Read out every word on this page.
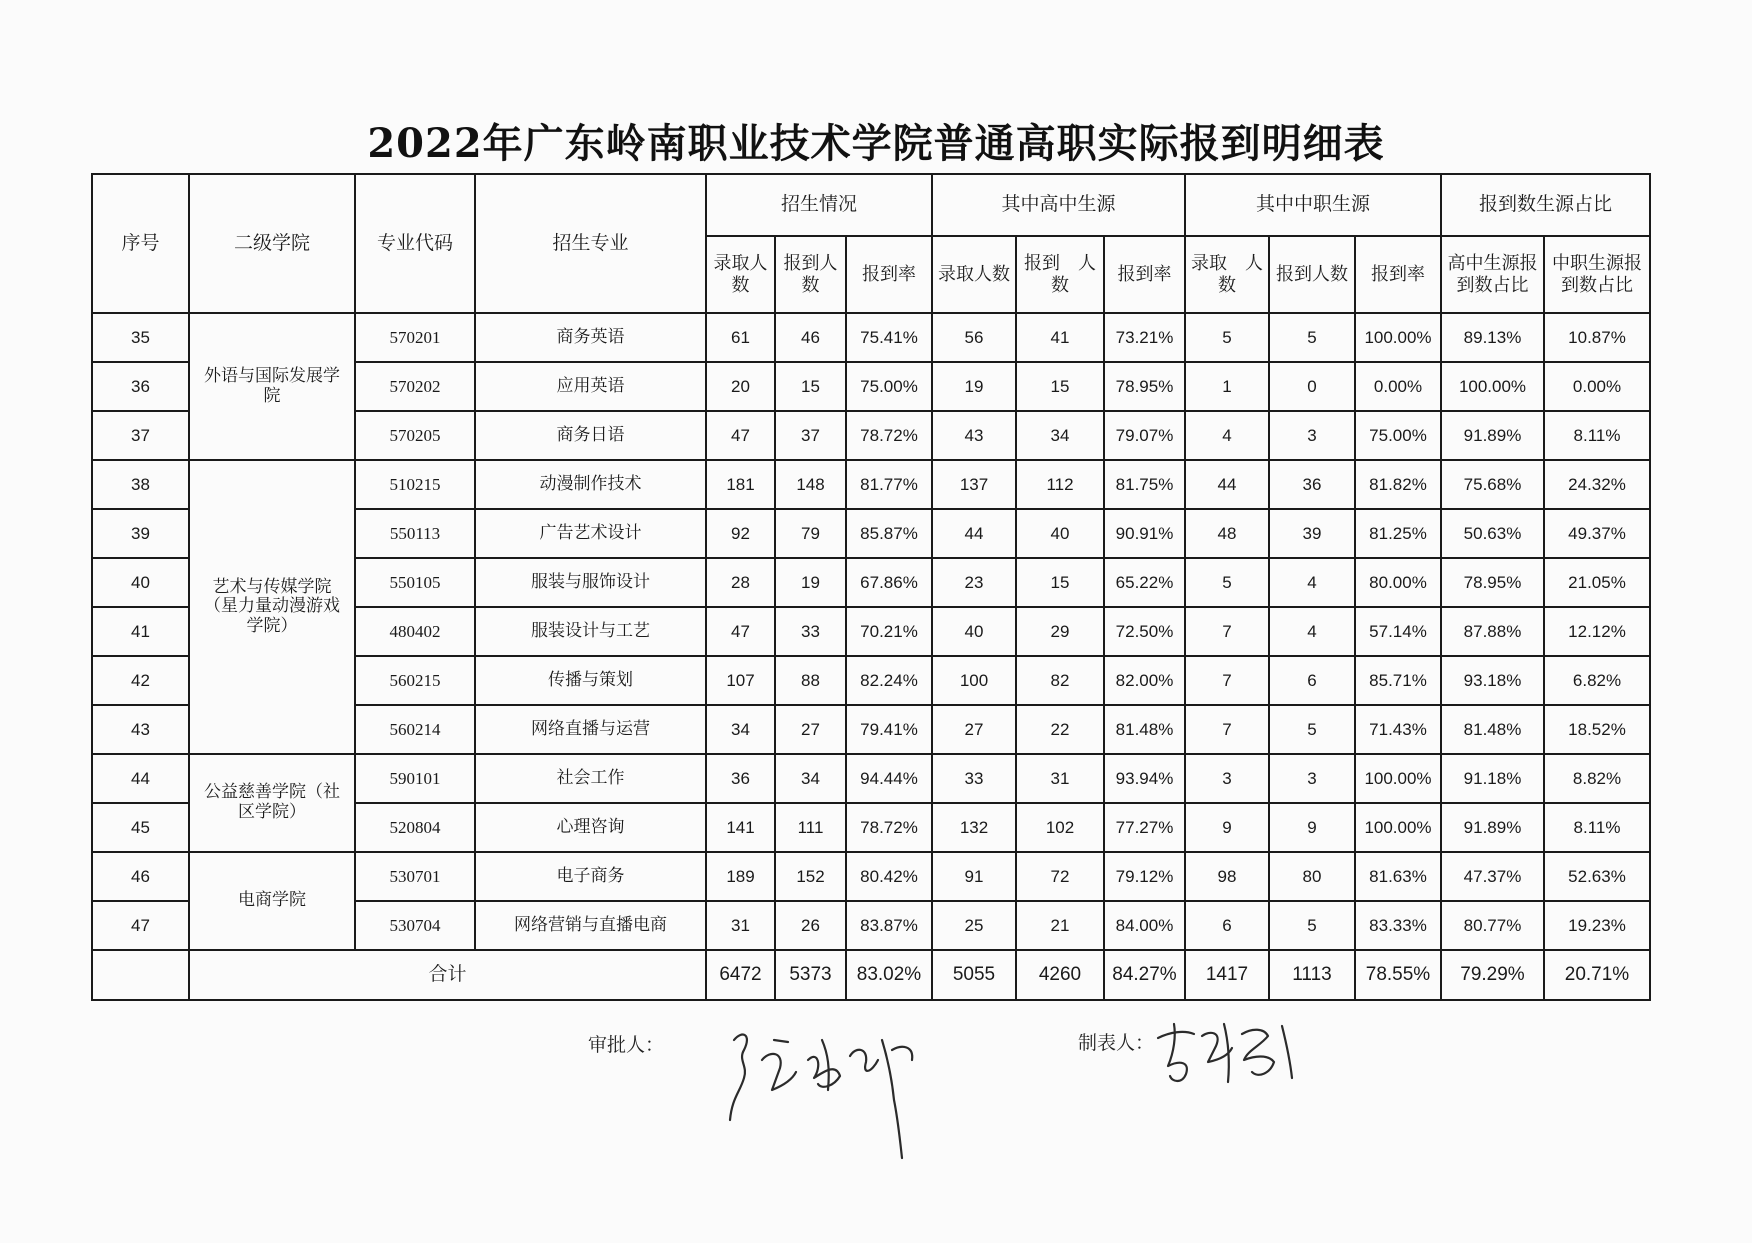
2022年广东岭南职业技术学院普通高职实际报到明细表
序号	二级学院	专业代码	招生专业	招生情况			其中高中生源			其中中职生源			报到数生源占比	
				录取人数	报到人数	报到率	录取人数	报到　人数	报到率	录取　人数	报到人数	报到率	高中生源报到数占比	中职生源报到数占比
35	外语与国际发展学院	570201	商务英语	61	46	75.41%	56	41	73.21%	5	5	100.00%	89.13%	10.87%
36		570202	应用英语	20	15	75.00%	19	15	78.95%	1	0	0.00%	100.00%	0.00%
37		570205	商务日语	47	37	78.72%	43	34	79.07%	4	3	75.00%	91.89%	8.11%
38	艺术与传媒学院（星力量动漫游戏学院）	510215	动漫制作技术	181	148	81.77%	137	112	81.75%	44	36	81.82%	75.68%	24.32%
39		550113	广告艺术设计	92	79	85.87%	44	40	90.91%	48	39	81.25%	50.63%	49.37%
40		550105	服装与服饰设计	28	19	67.86%	23	15	65.22%	5	4	80.00%	78.95%	21.05%
41		480402	服装设计与工艺	47	33	70.21%	40	29	72.50%	7	4	57.14%	87.88%	12.12%
42		560215	传播与策划	107	88	82.24%	100	82	82.00%	7	6	85.71%	93.18%	6.82%
43		560214	网络直播与运营	34	27	79.41%	27	22	81.48%	7	5	71.43%	81.48%	18.52%
44	公益慈善学院（社区学院）	590101	社会工作	36	34	94.44%	33	31	93.94%	3	3	100.00%	91.18%	8.82%
45		520804	心理咨询	141	111	78.72%	132	102	77.27%	9	9	100.00%	91.89%	8.11%
46	电商学院	530701	电子商务	189	152	80.42%	91	72	79.12%	98	80	81.63%	47.37%	52.63%
47		530704	网络营销与直播电商	31	26	83.87%	25	21	84.00%	6	5	83.33%	80.77%	19.23%
	合计			6472	5373	83.02%	5055	4260	84.27%	1417	1113	78.55%	79.29%	20.71%
审批人：	制表人：
